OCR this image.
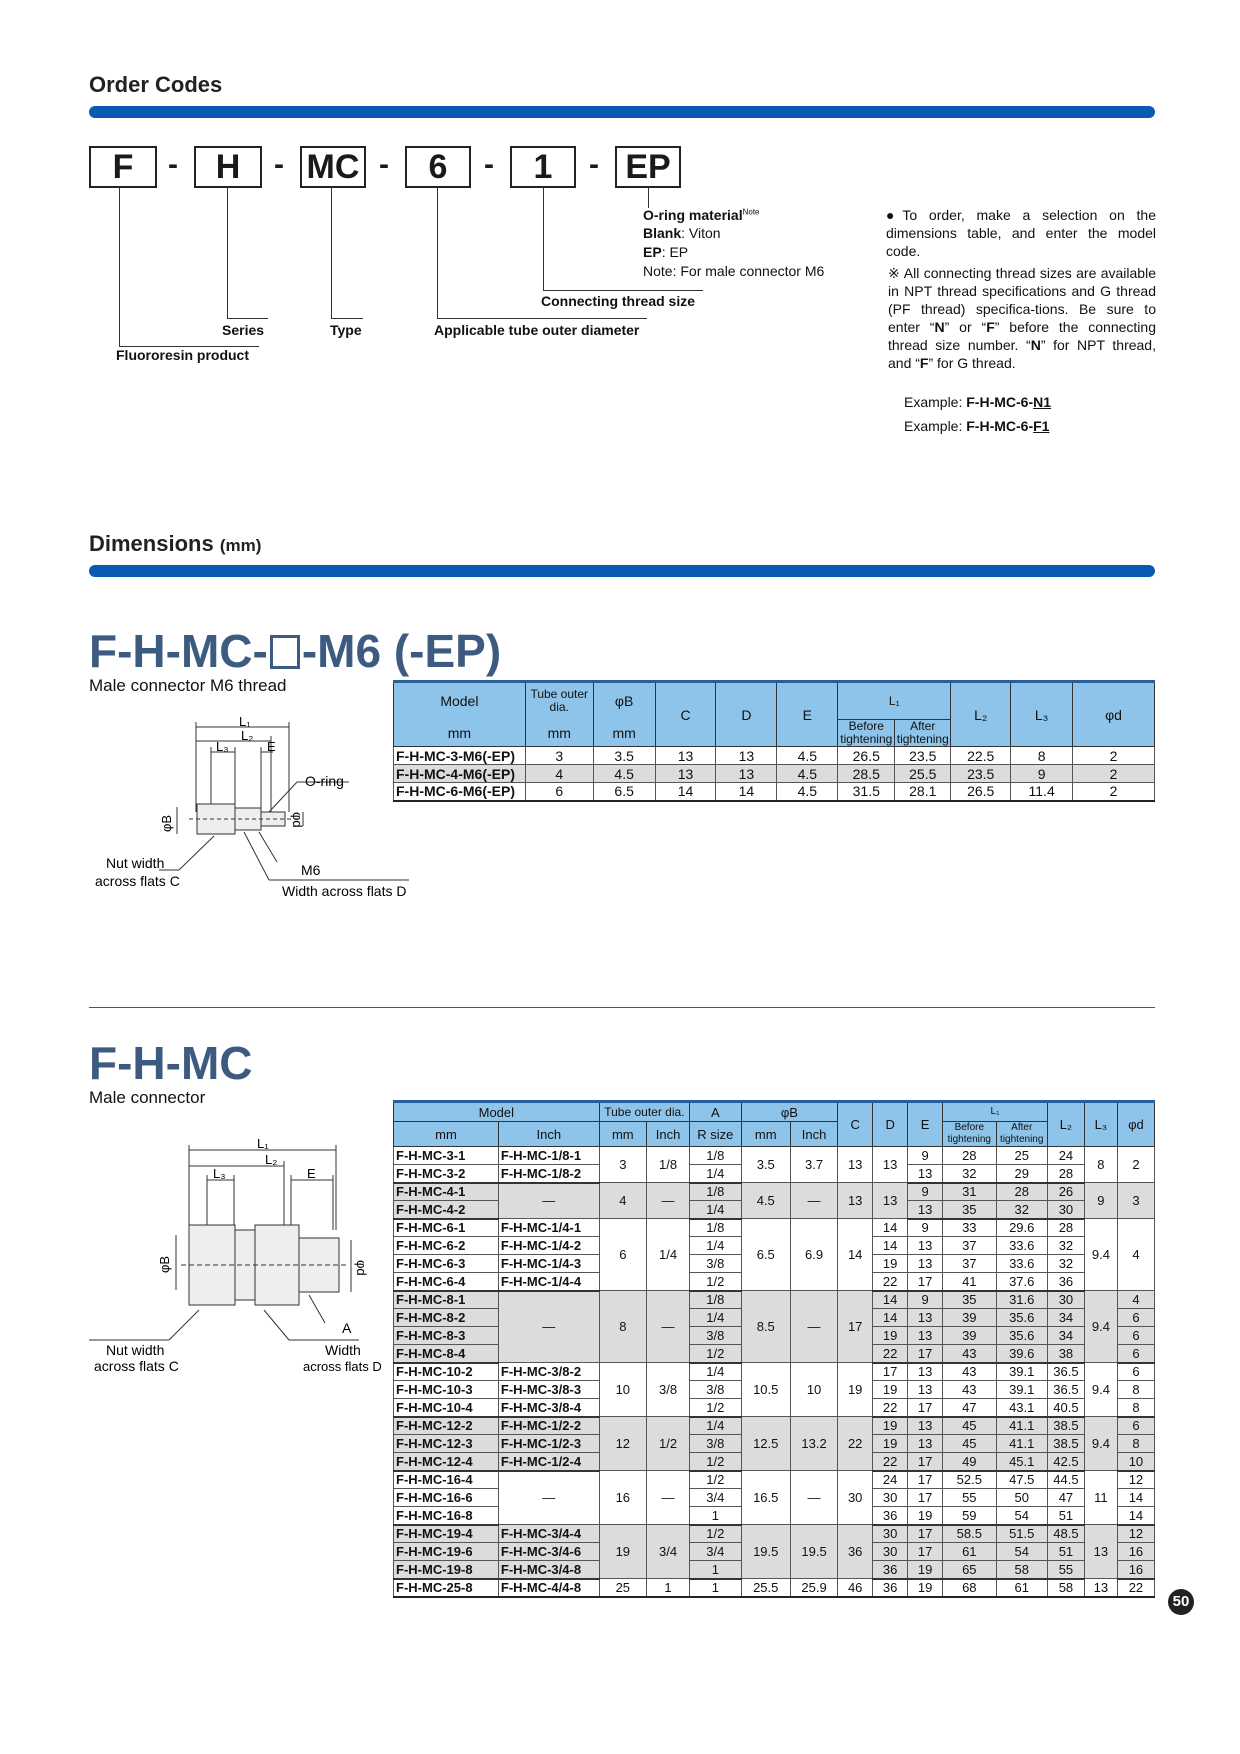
Order Codes
F	-	H	- MC -	6	-	1	- EP
O-ring material$^{Note}$
Blank: Viton
EP: EP
Note: For male connector M6
Connecting thread size
Series	Type	Applicable tube outer diameter
Fluororesin product
●To order, make a selection on the dimensions table, and enter the model code.
※ All connecting thread sizes are available in NPT thread specifications and G thread (PF thread) specifica-tions. Be sure to enter “N” or “F” before the connecting thread size number. “N” for NPT thread, and “F” for G thread.
Example: F-H-MC-6-N1
Example: F-H-MC-6-F1
Dimensions (mm)
F-H-MC- -M6 (-EP)
Male connector M6 thread
L₁
L₂
L₃	E
O-ring
φB	φd
Nut width
across flats C
M6
Width across flats D
Model	Tube outer dia.	φB	C	D	E	L₁		L₂	L₃	φd
mm	mm	mm				Before tightening	After tightening			

F-H-MC-3-M6(-EP)	3	3.5	13	13	4.5	26.5	23.5	22.5	8	2
F-H-MC-4-M6(-EP)	4	4.5	13	13	4.5	28.5	25.5	23.5	9	2
F-H-MC-6-M6(-EP)	6	6.5	14	14	4.5	31.5	28.1	26.5	11.4	2
F-H-MC
Male connector
L₁
L₂
L₃	E
φB	φd
A
Nut width
across flats C
Width
across flats D
Model		Tube outer dia.		A	φB		C	D	E	L₁		L₂	L₃	φd
										Before tightening	After tightening			
mm	Inch	mm	Inch	R size	mm	Inch								
F-H-MC-3-1	F-H-MC-1/8-1	3	1/8	1/8	3.5	3.7	13	13	9	28	25	24	8	2
F-H-MC-3-2	F-H-MC-1/8-2			1/4					13	32	29	28		
F-H-MC-4-1	—	4	—	1/8	4.5	—	13	13	9	31	28	26	9	3
F-H-MC-4-2				1/4					13	35	32	30		
F-H-MC-6-1	F-H-MC-1/4-1	6	1/4	1/8	6.5	6.9	14	14	9	33	29.6	28	9.4	4
F-H-MC-6-2	F-H-MC-1/4-2			1/4				14	13	37	33.6	32		
F-H-MC-6-3	F-H-MC-1/4-3			3/8				19	13	37	33.6	32		
F-H-MC-6-4	F-H-MC-1/4-4			1/2				22	17	41	37.6	36		
F-H-MC-8-1	—	8	—	1/8	8.5	—	17	14	9	35	31.6	30	9.4	4
F-H-MC-8-2				1/4				14	13	39	35.6	34		6
F-H-MC-8-3				3/8				19	13	39	35.6	34		6
F-H-MC-8-4				1/2				22	17	43	39.6	38		6
F-H-MC-10-2	F-H-MC-3/8-2	10	3/8	1/4	10.5	10	19	17	13	43	39.1	36.5	9.4	6
F-H-MC-10-3	F-H-MC-3/8-3			3/8				19	13	43	39.1	36.5		8
F-H-MC-10-4	F-H-MC-3/8-4			1/2				22	17	47	43.1	40.5		8
F-H-MC-12-2	F-H-MC-1/2-2	12	1/2	1/4	12.5	13.2	22	19	13	45	41.1	38.5	9.4	6
F-H-MC-12-3	F-H-MC-1/2-3			3/8				19	13	45	41.1	38.5		8
F-H-MC-12-4	F-H-MC-1/2-4			1/2				22	17	49	45.1	42.5		10
F-H-MC-16-4	—	16	—	1/2	16.5	—	30	24	17	52.5	47.5	44.5	11	12
F-H-MC-16-6				3/4				30	17	55	50	47		14
F-H-MC-16-8				1				36	19	59	54	51		14
F-H-MC-19-4	F-H-MC-3/4-4	19	3/4	1/2	19.5	19.5	36	30	17	58.5	51.5	48.5	13	12
F-H-MC-19-6	F-H-MC-3/4-6			3/4				30	17	61	54	51		16
F-H-MC-19-8	F-H-MC-3/4-8			1				36	19	65	58	55		16
F-H-MC-25-8	F-H-MC-4/4-8	25	1	1	25.5	25.9	46	36	19	68	61	58	13	22
50
